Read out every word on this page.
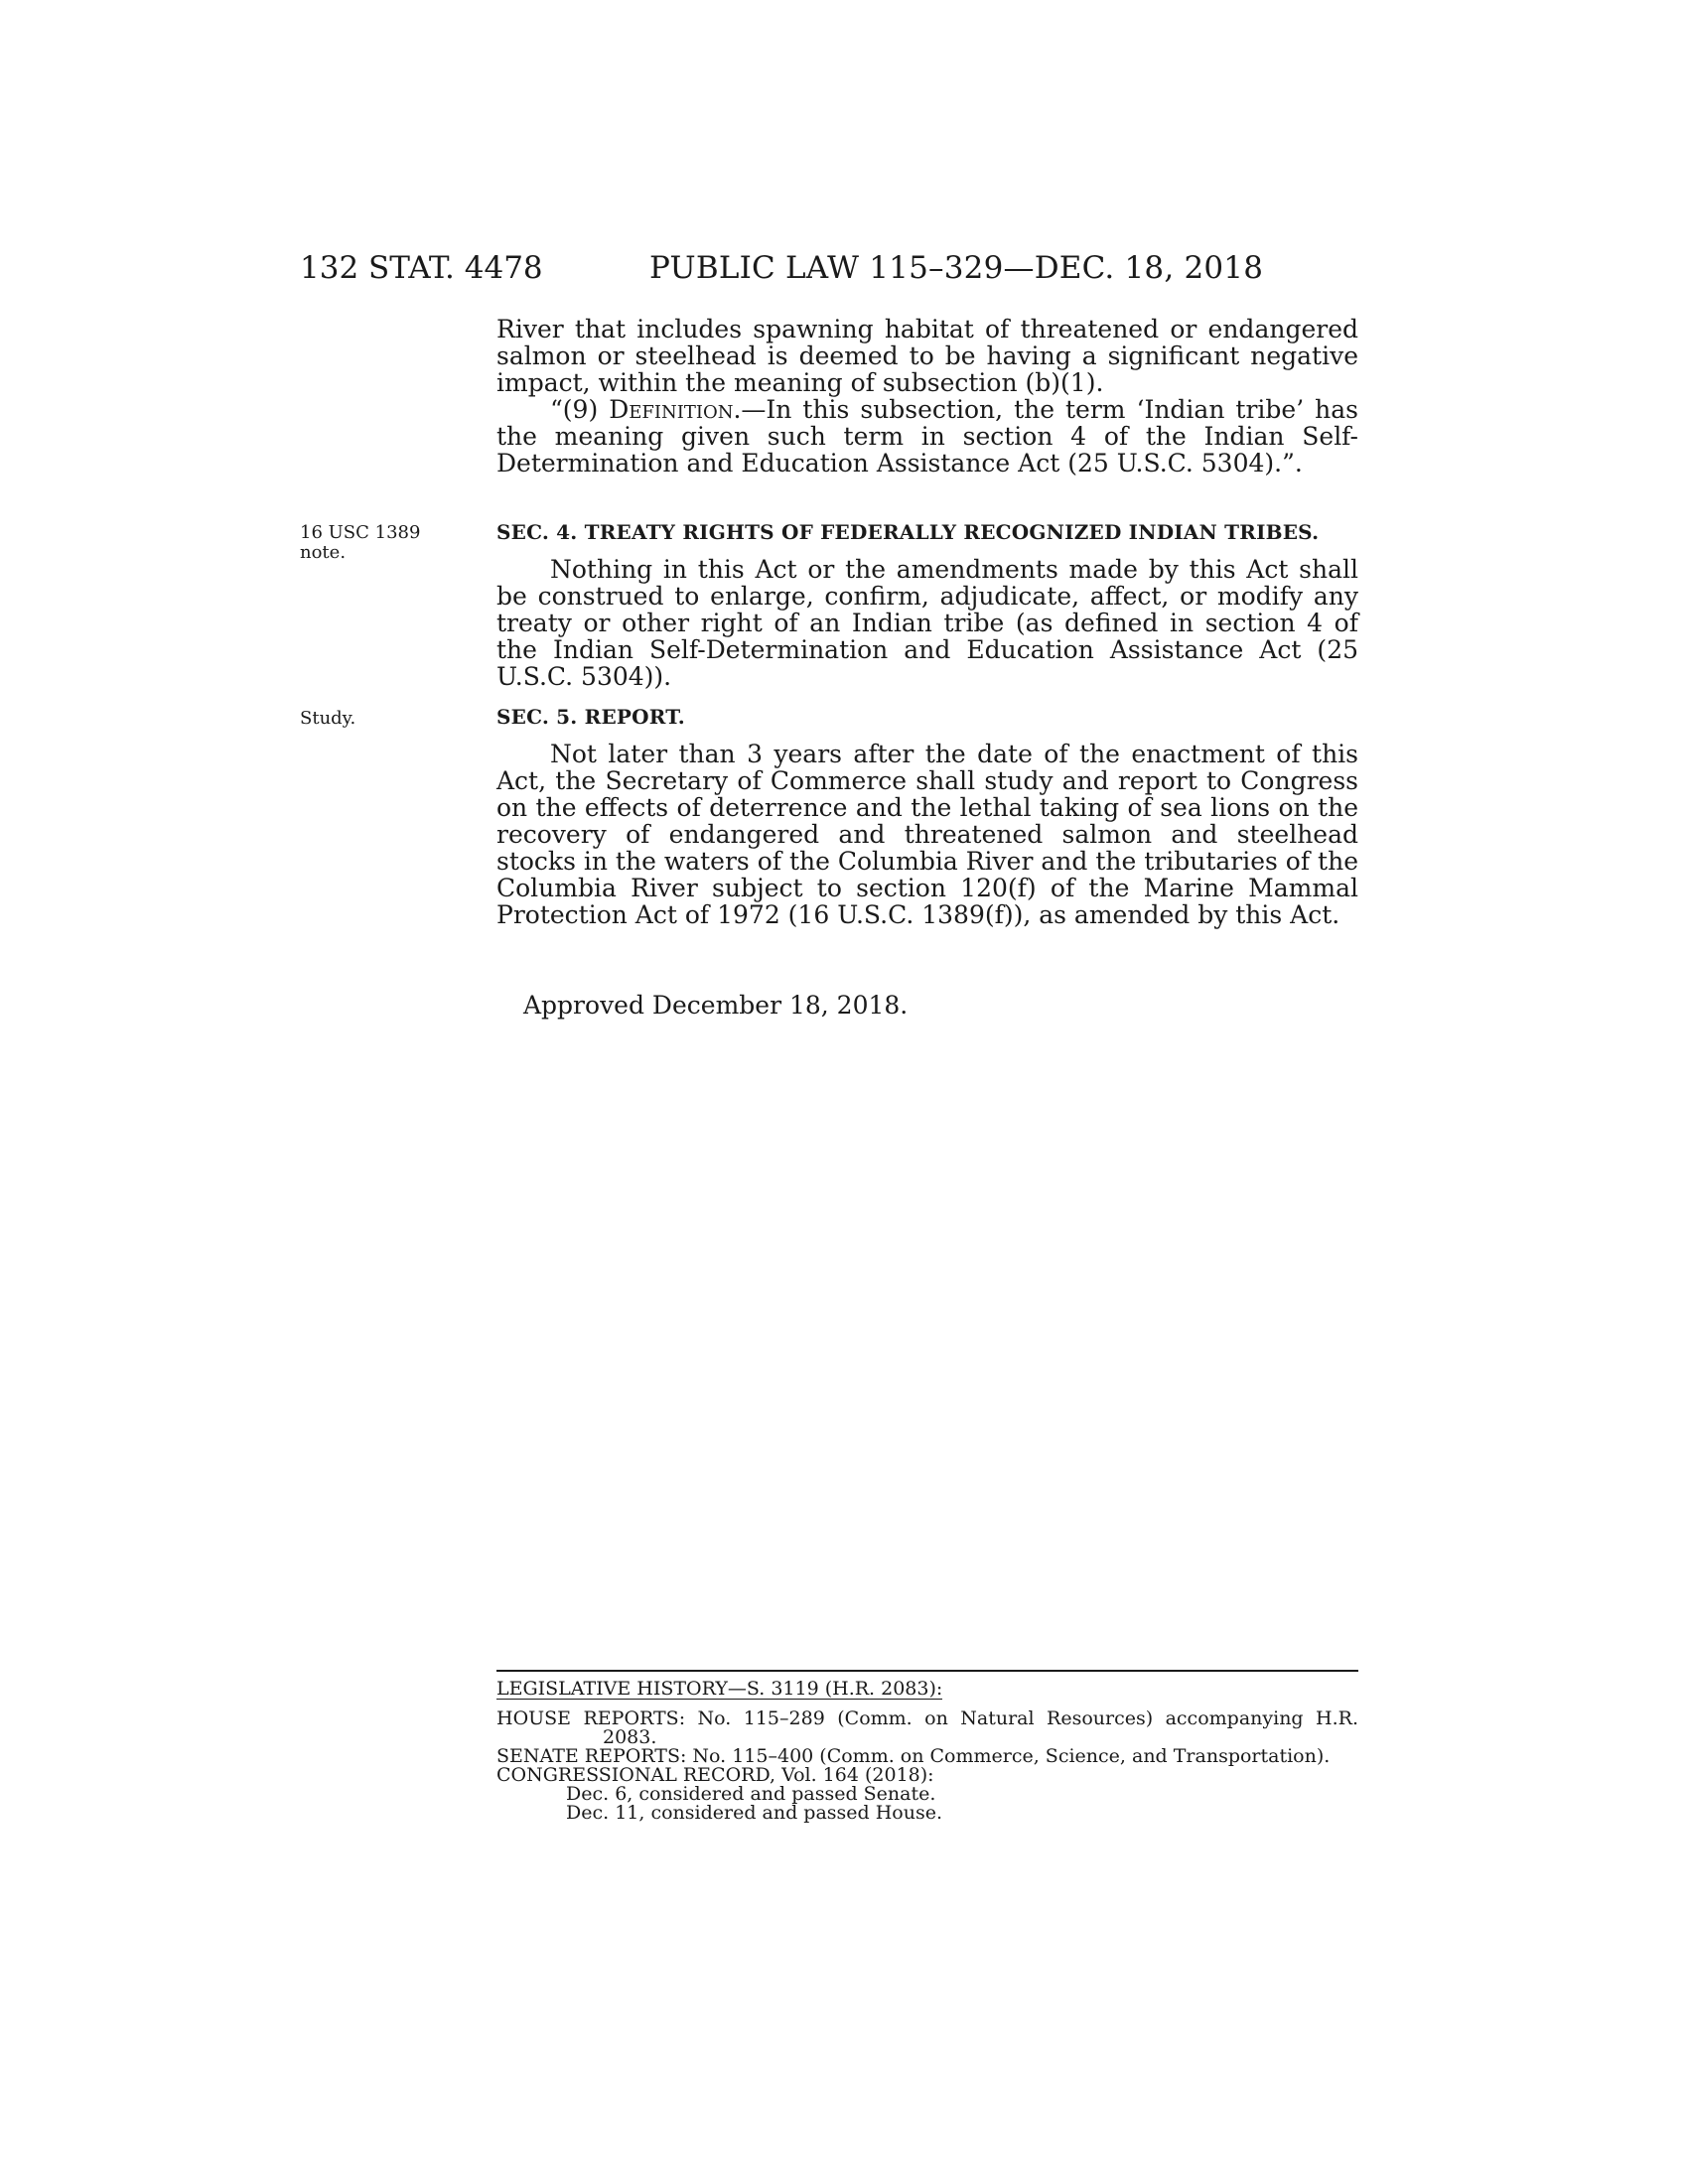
132 STAT. 4478	PUBLIC LAW 115–329—DEC. 18, 2018

River that includes spawning habitat of threatened or endangered salmon or steelhead is deemed to be having a significant negative impact, within the meaning of subsection (b)(1).

“(9) Definition.—In this subsection, the term ‘Indian tribe’ has the meaning given such term in section 4 of the Indian Self-Determination and Education Assistance Act (25 U.S.C. 5304).”.

16 USC 1389
note.
SEC. 4. TREATY RIGHTS OF FEDERALLY RECOGNIZED INDIAN TRIBES.

Nothing in this Act or the amendments made by this Act shall be construed to enlarge, confirm, adjudicate, affect, or modify any treaty or other right of an Indian tribe (as defined in section 4 of the Indian Self-Determination and Education Assistance Act (25 U.S.C. 5304)).

Study.	SEC. 5. REPORT.

Not later than 3 years after the date of the enactment of this Act, the Secretary of Commerce shall study and report to Congress on the effects of deterrence and the lethal taking of sea lions on the recovery of endangered and threatened salmon and steelhead stocks in the waters of the Columbia River and the tributaries of the Columbia River subject to section 120(f) of the Marine Mammal Protection Act of 1972 (16 U.S.C. 1389(f)), as amended by this Act.

Approved December 18, 2018.
LEGISLATIVE HISTORY—S. 3119 (H.R. 2083):
HOUSE REPORTS: No. 115–289 (Comm. on Natural Resources) accompanying H.R. 2083.
SENATE REPORTS: No. 115–400 (Comm. on Commerce, Science, and Transportation).
CONGRESSIONAL RECORD, Vol. 164 (2018):
Dec. 6, considered and passed Senate.
Dec. 11, considered and passed House.
